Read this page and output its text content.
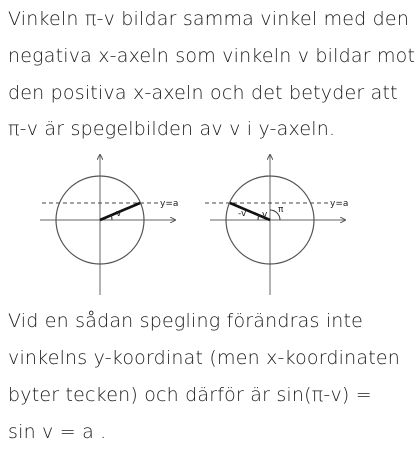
Vinkeln π-v bildar samma vinkel med den
negativa x-axeln som vinkeln v bildar mot
den positiva x-axeln och det betyder att
π-v är spegelbilden av v i y-axeln.
y=a
v
y=a
-v v π
Vid en sådan spegling förändras inte
vinkelns y-koordinat (men x-koordinaten
byter tecken) och därför är sin(π-v) =
sin v = a .
